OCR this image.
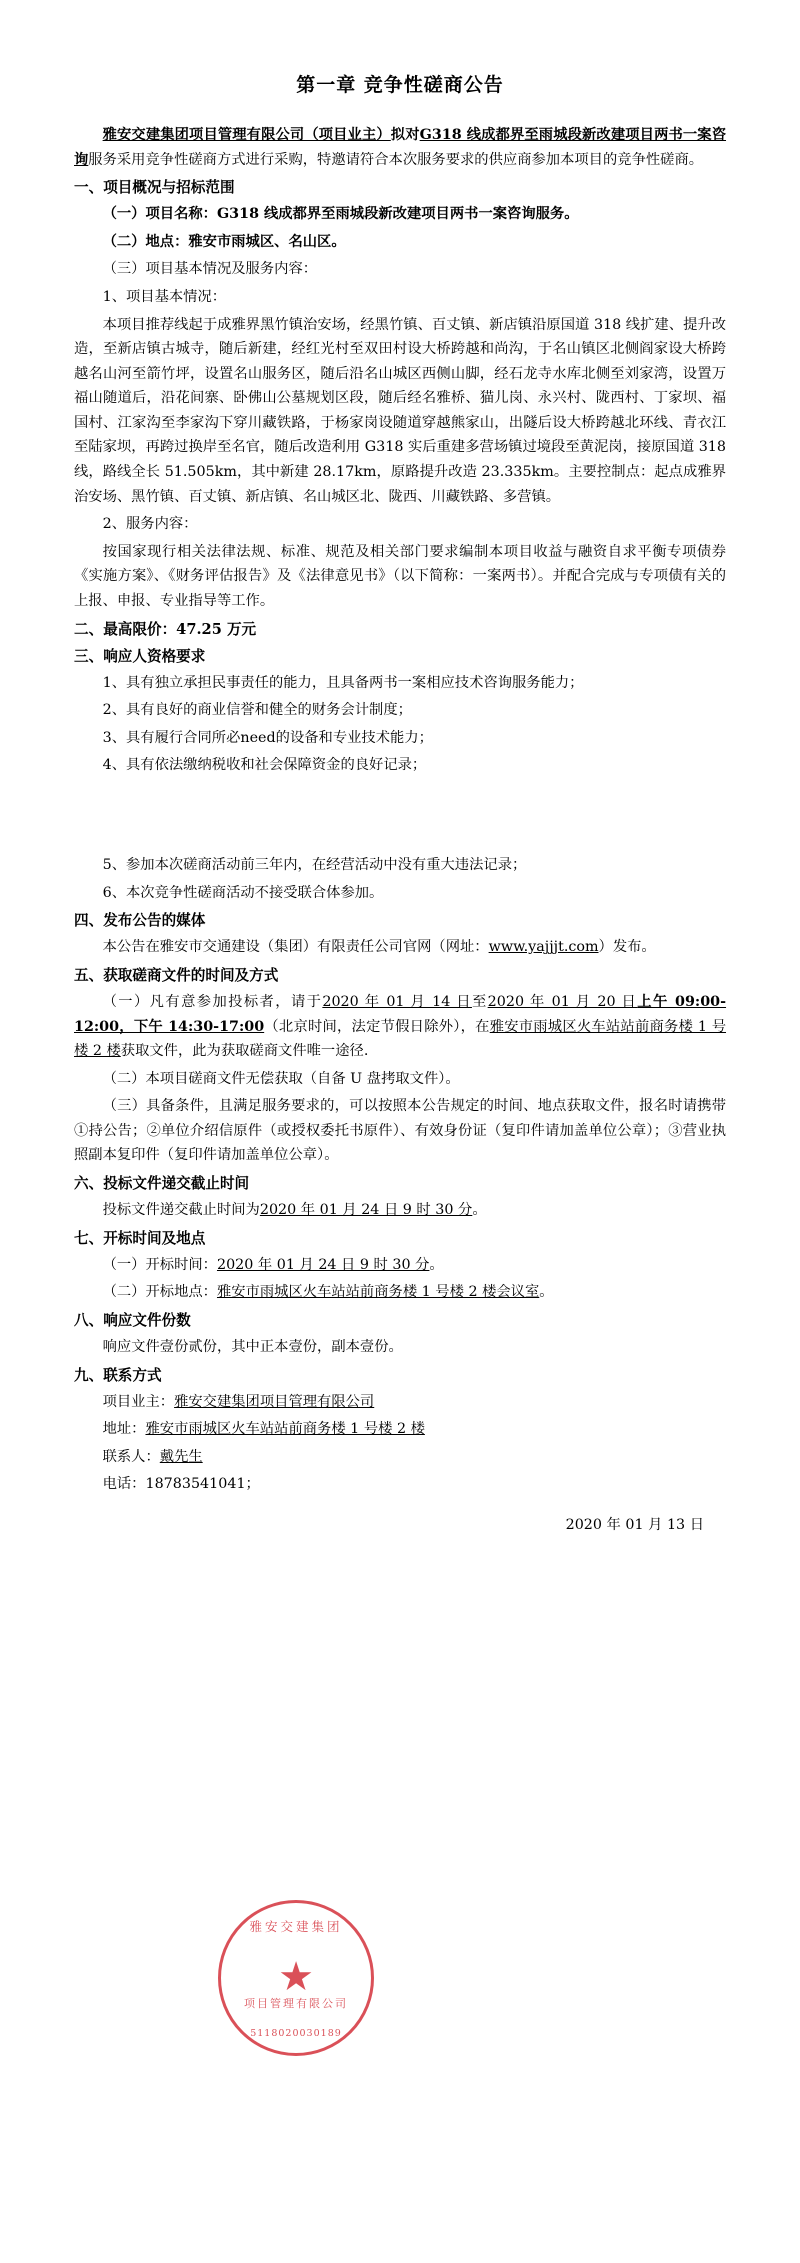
第一章 竞争性磋商公告

雅安交建集团项目管理有限公司（项目业主）拟对G318 线成都界至雨城段新改建项目两书一案咨询服务采用竞争性磋商方式进行采购，特邀请符合本次服务要求的供应商参加本项目的竞争性磋商。

一、项目概况与招标范围

（一）项目名称：G318 线成都界至雨城段新改建项目两书一案咨询服务。

（二）地点：雅安市雨城区、名山区。

（三）项目基本情况及服务内容：

1、项目基本情况：

本项目推荐线起于成雅界黑竹镇治安场，经黑竹镇、百丈镇、新店镇沿原国道 318 线扩建、提升改造，至新店镇古城寺，随后新建，经红光村至双田村设大桥跨越和尚沟，于名山镇区北侧阎家设大桥跨越名山河至箭竹坪，设置名山服务区，随后沿名山城区西侧山脚，经石龙寺水库北侧至刘家湾，设置万福山随道后，沿花间寨、卧佛山公墓规划区段，随后经名雅桥、猫儿岗、永兴村、陇西村、丁家坝、福国村、江家沟至李家沟下穿川藏铁路，于杨家岗设随道穿越熊家山，出隧后设大桥跨越北环线、青衣江至陆家坝，再跨过换岸至名官，随后改造利用 G318 实后重建多营场镇过境段至黄泥岗，接原国道 318 线，路线全长 51.505km，其中新建 28.17km，原路提升改造 23.335km。主要控制点：起点成雅界治安场、黑竹镇、百丈镇、新店镇、名山城区北、陇西、川藏铁路、多营镇。

2、服务内容：

按国家现行相关法律法规、标准、规范及相关部门要求编制本项目收益与融资自求平衡专项债券《实施方案》、《财务评估报告》及《法律意见书》（以下简称：一案两书）。并配合完成与专项债有关的上报、申报、专业指导等工作。

二、最高限价：47.25 万元

三、响应人资格要求

1、具有独立承担民事责任的能力，且具备两书一案相应技术咨询服务能力；

2、具有良好的商业信誉和健全的财务会计制度；

3、具有履行合同所必need的设备和专业技术能力；

4、具有依法缴纳税收和社会保障资金的良好记录；

5、参加本次磋商活动前三年内，在经营活动中没有重大违法记录；

6、本次竞争性磋商活动不接受联合体参加。

四、发布公告的媒体

本公告在雅安市交通建设（集团）有限责任公司官网（网址：www.yajjjt.com）发布。

五、获取磋商文件的时间及方式

（一）凡有意参加投标者，请于2020 年 01 月 14 日至2020 年 01 月 20 日上午 09:00-12:00，下午 14:30-17:00（北京时间，法定节假日除外），在雅安市雨城区火车站站前商务楼 1 号楼 2 楼获取文件，此为获取磋商文件唯一途径.

（二）本项目磋商文件无偿获取（自备 U 盘拷取文件）。

（三）具备条件，且满足服务要求的，可以按照本公告规定的时间、地点获取文件，报名时请携带①持公告；②单位介绍信原件（或授权委托书原件）、有效身份证（复印件请加盖单位公章）；③营业执照副本复印件（复印件请加盖单位公章）。

六、投标文件递交截止时间

投标文件递交截止时间为2020 年 01 月 24 日 9 时 30 分。

七、开标时间及地点

（一）开标时间：2020 年 01 月 24 日 9 时 30 分。

（二）开标地点：雅安市雨城区火车站站前商务楼 1 号楼 2 楼会议室。

八、响应文件份数

响应文件壹份贰份，其中正本壹份，副本壹份。

九、联系方式

项目业主：雅安交建集团项目管理有限公司

地址：雅安市雨城区火车站站前商务楼 1 号楼 2 楼

联系人：戴先生

电话：18783541041；

2020 年 01 月 13 日

雅安交建集团
★
项目管理有限公司
5118020030189
